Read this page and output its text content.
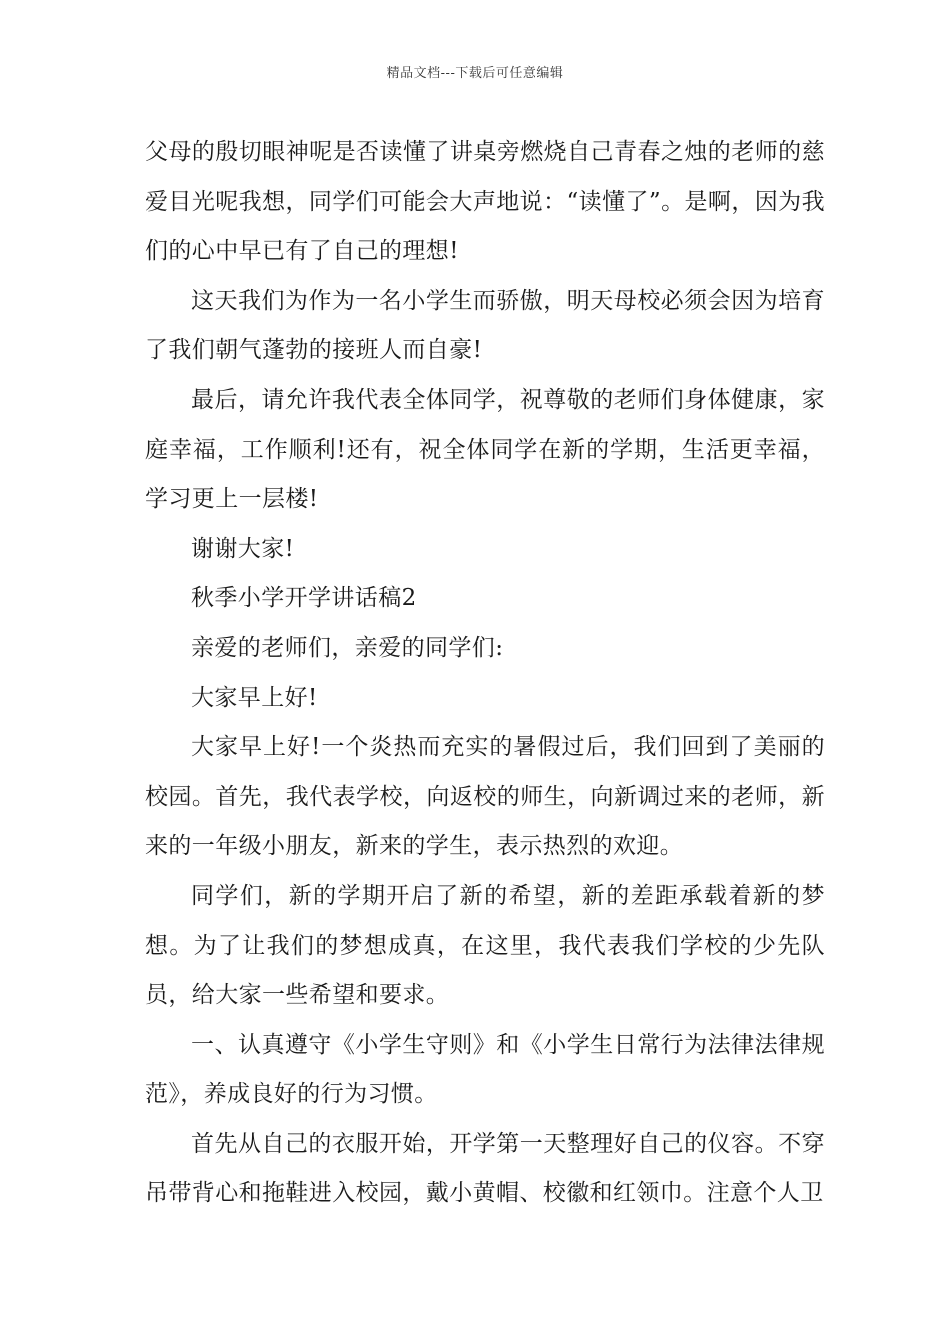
精品文档---下载后可任意编辑

父母的殷切眼神呢是否读懂了讲桌旁燃烧自己青春之烛的老师的慈爱目光呢我想，同学们可能会大声地说：“读懂了”。是啊，因为我们的心中早已有了自己的理想!

这天我们为作为一名小学生而骄傲，明天母校必须会因为培育了我们朝气蓬勃的接班人而自豪!

最后，请允许我代表全体同学，祝尊敬的老师们身体健康，家庭幸福，工作顺利!还有，祝全体同学在新的学期，生活更幸福，学习更上一层楼!

谢谢大家!

秋季小学开学讲话稿2

亲爱的老师们，亲爱的同学们:

大家早上好!

大家早上好!一个炎热而充实的暑假过后，我们回到了美丽的校园。首先，我代表学校，向返校的师生，向新调过来的老师，新来的一年级小朋友，新来的学生，表示热烈的欢迎。

同学们，新的学期开启了新的希望，新的差距承载着新的梦想。为了让我们的梦想成真，在这里，我代表我们学校的少先队员，给大家一些希望和要求。

一、认真遵守《小学生守则》和《小学生日常行为法律法律规范》，养成良好的行为习惯。

首先从自己的衣服开始，开学第一天整理好自己的仪容。不穿吊带背心和拖鞋进入校园，戴小黄帽、校徽和红领巾。注意个人卫
